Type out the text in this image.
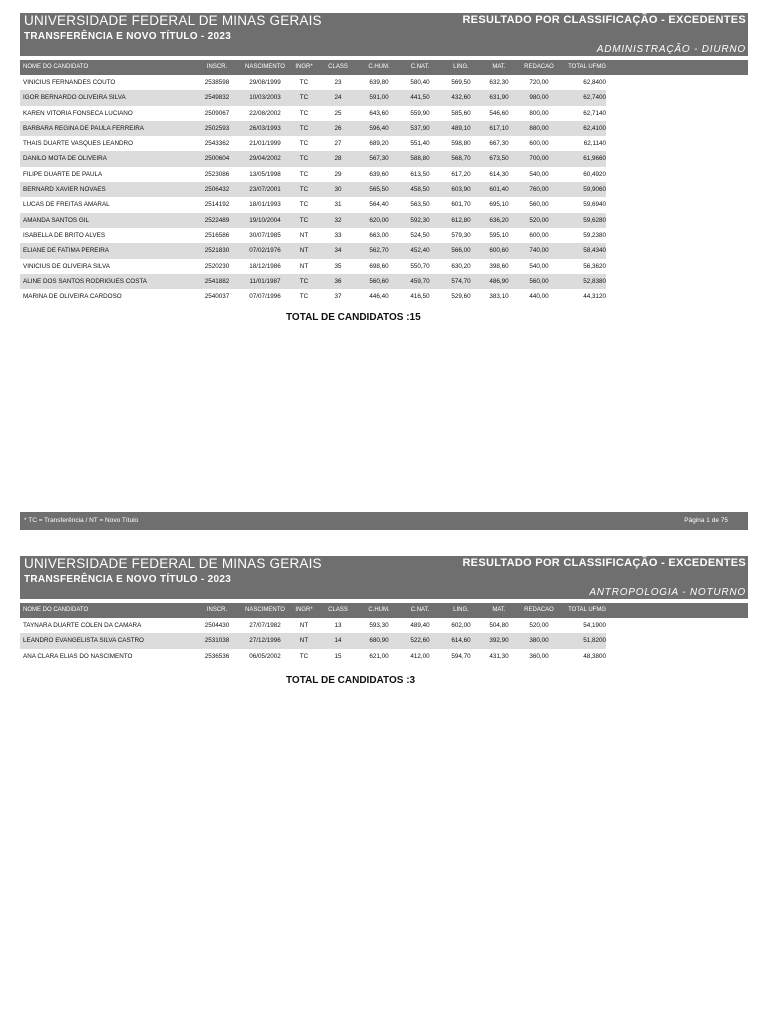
UNIVERSIDADE FEDERAL DE MINAS GERAIS
TRANSFERÊNCIA E NOVO TÍTULO - 2023
RESULTADO POR CLASSIFICAÇÃO - EXCEDENTES
ADMINISTRAÇÃO - DIURNO
NOME DO CANDIDATO	INSCR.	NASCIMENTO	INGR*	CLASS	C.HUM.	C.NAT.	LING.	MAT.	REDACAO	TOTAL UFMG
VINICIUS FERNANDES COUTO	2538598	29/08/1999	TC	23	639,80	580,40	569,50	632,30	720,00	62,8400
IGOR BERNARDO OLIVEIRA SILVA	2549832	10/03/2003	TC	24	591,00	441,50	432,60	631,90	980,00	62,7400
KAREN VITORIA FONSECA LUCIANO	2509067	22/08/2002	TC	25	643,60	559,90	585,60	546,60	800,00	62,7140
BARBARA REGINA DE PAULA FERREIRA	2502593	26/03/1993	TC	26	596,40	537,90	489,10	617,10	880,00	62,4100
THAIS DUARTE VASQUES LEANDRO	2543362	21/01/1999	TC	27	689,20	551,40	598,80	667,30	600,00	62,1140
DANILO MOTA DE OLIVEIRA	2500604	29/04/2002	TC	28	567,30	588,80	568,70	673,50	700,00	61,9660
FILIPE DUARTE DE PAULA	2523086	13/05/1998	TC	29	639,60	613,50	617,20	614,30	540,00	60,4920
BERNARD XAVIER NOVAES	2506432	23/07/2001	TC	30	565,50	458,50	603,90	601,40	760,00	59,9060
LUCAS DE FREITAS AMARAL	2514192	18/01/1993	TC	31	564,40	563,50	601,70	695,10	560,00	59,6940
AMANDA SANTOS GIL	2522489	19/10/2004	TC	32	620,00	592,30	612,80	636,20	520,00	59,6280
ISABELLA DE BRITO ALVES	2516586	30/07/1985	NT	33	663,00	524,50	579,30	595,10	600,00	59,2380
ELIANE DE FATIMA PEREIRA	2521830	07/02/1976	NT	34	562,70	452,40	566,00	600,60	740,00	58,4340
VINICIUS DE OLIVEIRA SILVA	2520230	18/12/1986	NT	35	698,60	550,70	630,20	398,60	540,00	56,3620
ALINE DOS SANTOS RODRIGUES COSTA	2541882	11/01/1987	TC	36	560,60	459,70	574,70	486,90	560,00	52,8380
MARINA DE OLIVEIRA CARDOSO	2540037	07/07/1996	TC	37	446,40	416,50	529,60	383,10	440,00	44,3120
TOTAL DE CANDIDATOS :15
* TC = Transferência / NT = Novo Título	Página 1 de 75
UNIVERSIDADE FEDERAL DE MINAS GERAIS
TRANSFERÊNCIA E NOVO TÍTULO - 2023
RESULTADO POR CLASSIFICAÇÃO - EXCEDENTES
ANTROPOLOGIA - NOTURNO
NOME DO CANDIDATO	INSCR.	NASCIMENTO	INGR*	CLASS	C.HUM.	C.NAT.	LING.	MAT.	REDACAO	TOTAL UFMG
TAYNARA DUARTE COLEN DA CAMARA	2504430	27/07/1982	NT	13	593,30	489,40	602,00	504,80	520,00	54,1900
LEANDRO EVANGELISTA SILVA CASTRO	2531038	27/12/1996	NT	14	680,90	522,60	614,60	392,90	380,00	51,8200
ANA CLARA ELIAS DO NASCIMENTO	2536536	06/05/2002	TC	15	621,00	412,00	594,70	431,30	360,00	48,3800
TOTAL DE CANDIDATOS :3
